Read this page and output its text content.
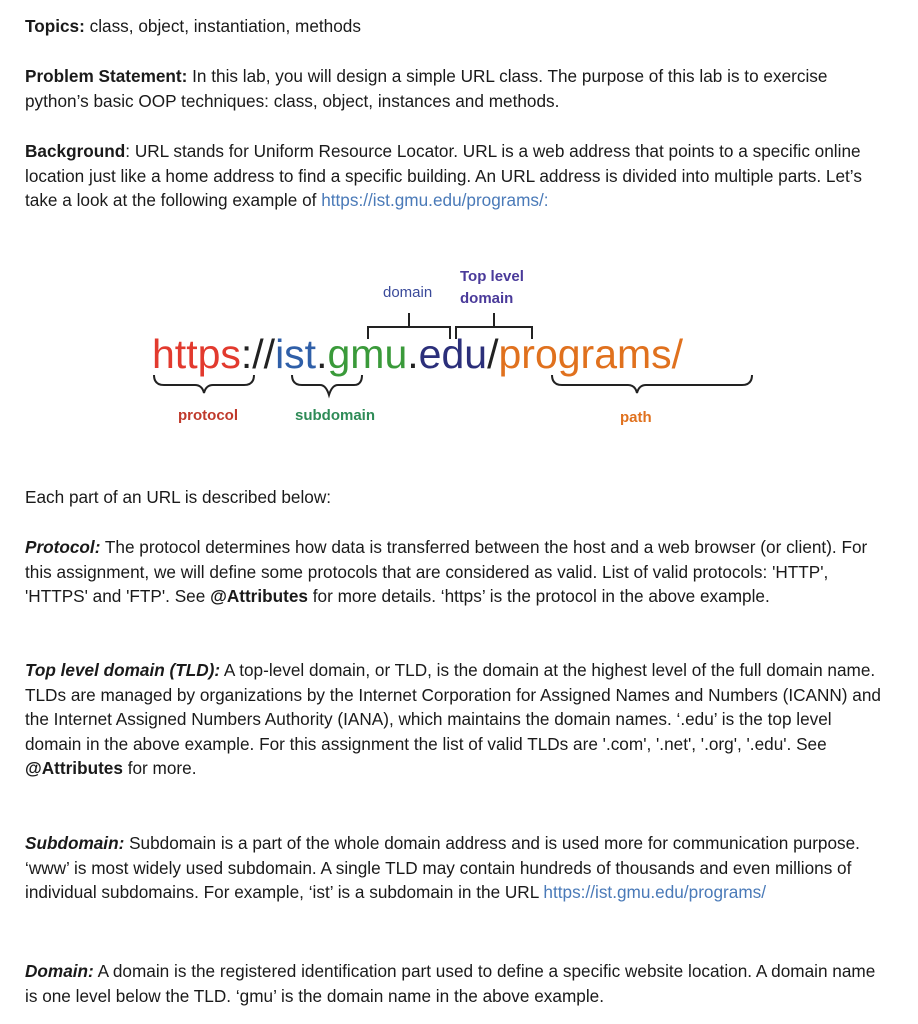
Topics: class, object, instantiation, methods

Problem Statement: In this lab, you will design a simple URL class. The purpose of this lab is to exercise python’s basic OOP techniques: class, object, instances and methods.

Background: URL stands for Uniform Resource Locator. URL is a web address that points to a specific online location just like a home address to find a specific building. An URL address is divided into multiple parts. Let’s take a look at the following example of https://ist.gmu.edu/programs/:

domain
Top level
domain
https://ist.gmu.edu/programs/
protocol	subdomain	path

Each part of an URL is described below:

Protocol: The protocol determines how data is transferred between the host and a web browser (or client). For this assignment, we will define some protocols that are considered as valid. List of valid protocols: 'HTTP', 'HTTPS' and 'FTP'. See @Attributes for more details. ‘https’ is the protocol in the above example.

Top level domain (TLD): A top-level domain, or TLD, is the domain at the highest level of the full domain name. TLDs are managed by organizations by the Internet Corporation for Assigned Names and Numbers (ICANN) and the Internet Assigned Numbers Authority (IANA), which maintains the domain names. ‘.edu’ is the top level domain in the above example. For this assignment the list of valid TLDs are '.com', '.net', '.org', '.edu'. See @Attributes for more.

Subdomain: Subdomain is a part of the whole domain address and is used more for communication purpose. ‘www’ is most widely used subdomain. A single TLD may contain hundreds of thousands and even millions of individual subdomains. For example, ‘ist’ is a subdomain in the URL https://ist.gmu.edu/programs/

Domain: A domain is the registered identification part used to define a specific website location. A domain name is one level below the TLD. ‘gmu’ is the domain name in the above example.
